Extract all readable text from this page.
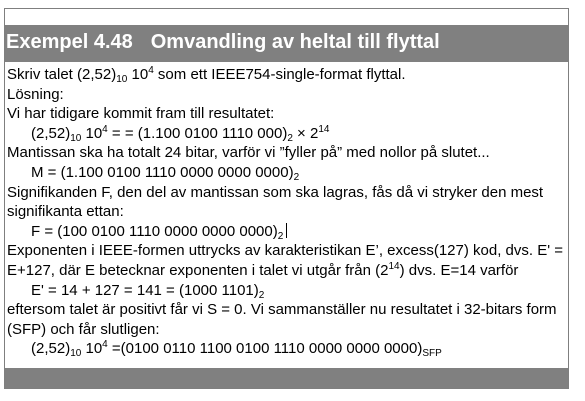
Exempel 4.48 Omvandling av heltal till flyttal
Skriv talet $(2,52)_{10}$ $10^4$ som ett IEEE754-single-format flyttal.
Lösning:
Vi har tidigare kommit fram till resultatet:
$(2,52)_{10}$ $10^4$ = = (1.100 0100 1110 $000)_2 \times 2^{14}$
Mantissan ska ha totalt 24 bitar, varför vi ”fyller på” med nollor på slutet...
M = (1.100 0100 1110 0000 0000 $0000)_2$
Signifikanden F, den del av mantissan som ska lagras, fås då vi stryker den mest signifikanta ettan:
F = (100 0100 1110 0000 0000 $0000)_2$
Exponenten i IEEE-formen uttrycks av karakteristikan E’, excess(127) kod, dvs. E' = E+127, där E betecknar exponenten i talet vi utgår från $(2^{14})$ dvs. E=14 varför
E' = 14 + 127 = 141 = (1000 $1101)_2$
eftersom talet är positivt får vi S = 0. Vi sammanställer nu resultatet i 32-bitars form (SFP) och får slutligen:
$(2,52)_{10}$ $10^4 =(0100$ 0110 1100 0100 1110 0000 0000 $0000)_{SFP}$
